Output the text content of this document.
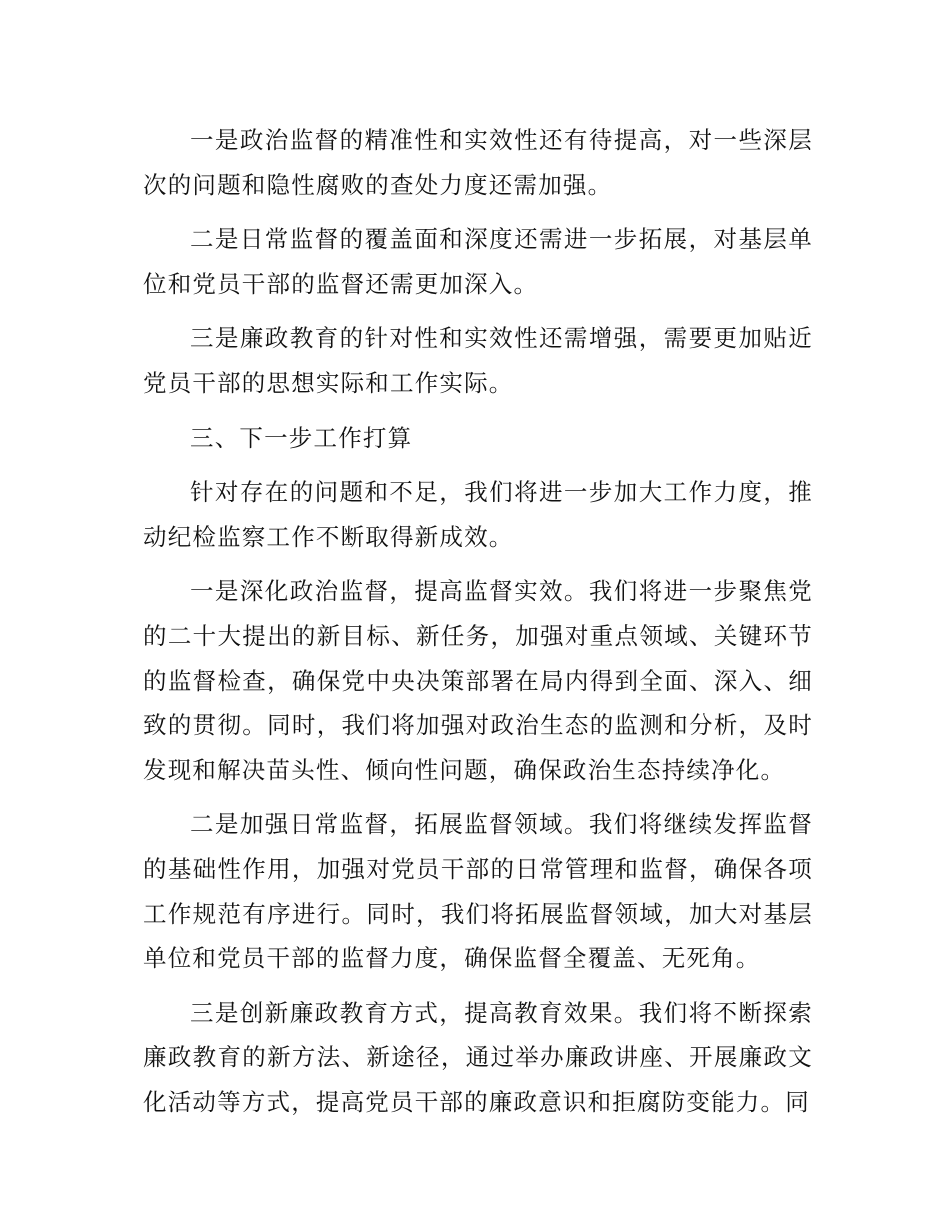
一是政治监督的精准性和实效性还有待提高，对一些深层次的问题和隐性腐败的查处力度还需加强。

二是日常监督的覆盖面和深度还需进一步拓展，对基层单位和党员干部的监督还需更加深入。

三是廉政教育的针对性和实效性还需增强，需要更加贴近党员干部的思想实际和工作实际。

三、下一步工作打算

针对存在的问题和不足，我们将进一步加大工作力度，推动纪检监察工作不断取得新成效。

一是深化政治监督，提高监督实效。我们将进一步聚焦党的二十大提出的新目标、新任务，加强对重点领域、关键环节的监督检查，确保党中央决策部署在局内得到全面、深入、细致的贯彻。同时，我们将加强对政治生态的监测和分析，及时发现和解决苗头性、倾向性问题，确保政治生态持续净化。

二是加强日常监督，拓展监督领域。我们将继续发挥监督的基础性作用，加强对党员干部的日常管理和监督，确保各项工作规范有序进行。同时，我们将拓展监督领域，加大对基层单位和党员干部的监督力度，确保监督全覆盖、无死角。

三是创新廉政教育方式，提高教育效果。我们将不断探索廉政教育的新方法、新途径，通过举办廉政讲座、开展廉政文化活动等方式，提高党员干部的廉政意识和拒腐防变能力。同
